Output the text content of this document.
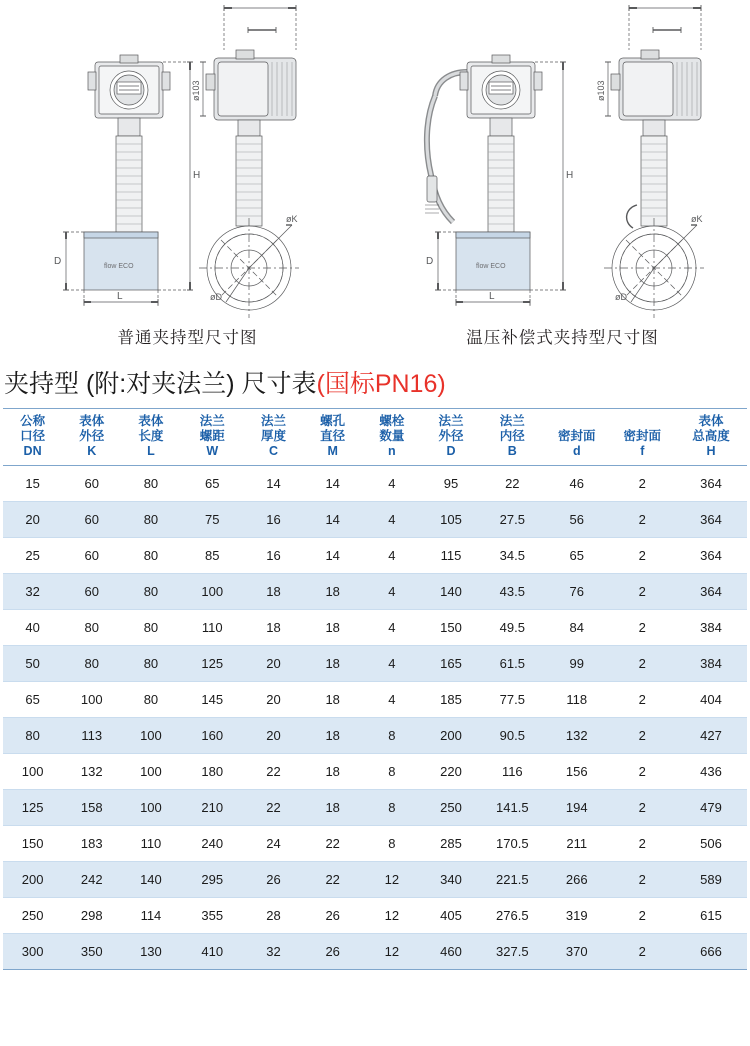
flow ECO
H
D
L
ø103
øK
øD
flow ECO
H
D
L
ø103
øK
øD
普通夹持型尺寸图	温压补偿式夹持型尺寸图
夹持型 (附:对夹法兰) 尺寸表(国标PN16)
公称
口径
DN	表体
外径
K	表体
长度
L	法兰
螺距
W	法兰
厚度
C	螺孔
直径
M	螺栓
数量
n	法兰
外径
D	法兰
内径
B	密封面
d	密封面
f	表体
总高度
H

15	60	80	65	14	14	4	95	22	46	2	364
20	60	80	75	16	14	4	105	27.5	56	2	364
25	60	80	85	16	14	4	115	34.5	65	2	364
32	60	80	100	18	18	4	140	43.5	76	2	364
40	80	80	110	18	18	4	150	49.5	84	2	384
50	80	80	125	20	18	4	165	61.5	99	2	384
65	100	80	145	20	18	4	185	77.5	118	2	404
80	113	100	160	20	18	8	200	90.5	132	2	427
100	132	100	180	22	18	8	220	116	156	2	436
125	158	100	210	22	18	8	250	141.5	194	2	479
150	183	110	240	24	22	8	285	170.5	211	2	506
200	242	140	295	26	22	12	340	221.5	266	2	589
250	298	114	355	28	26	12	405	276.5	319	2	615
300	350	130	410	32	26	12	460	327.5	370	2	666
